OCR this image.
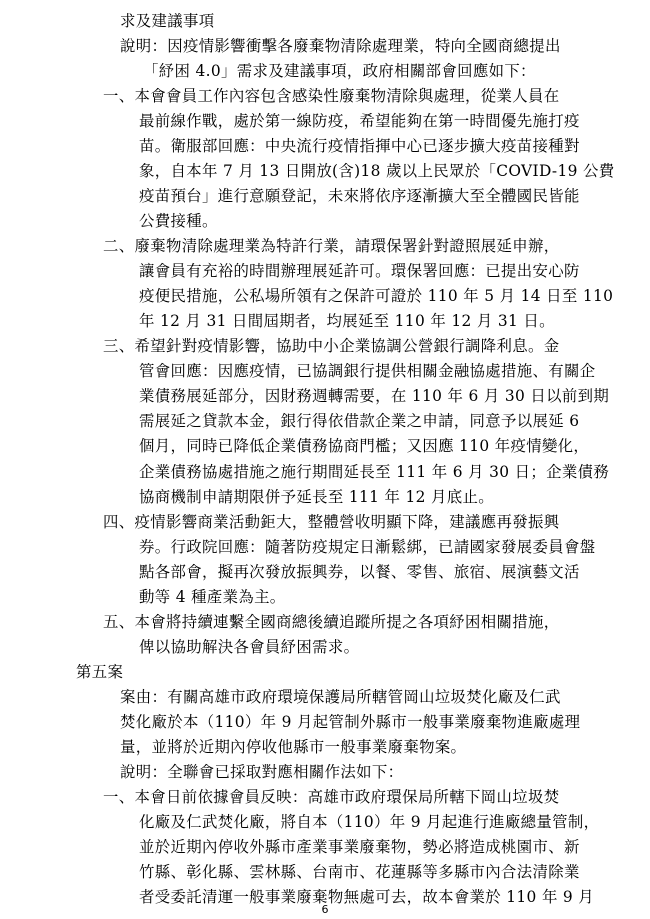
求及建議事項
說明：因疫情影響衝擊各廢棄物清除處理業，特向全國商總提出
「紓困 4.0」需求及建議事項，政府相關部會回應如下：
一、本會會員工作內容包含感染性廢棄物清除與處理，從業人員在
最前線作戰，處於第一線防疫，希望能夠在第一時間優先施打疫
苗。衛服部回應：中央流行疫情指揮中心已逐步擴大疫苗接種對
象，自本年 7 月 13 日開放(含)18 歲以上民眾於「COVID-19 公費
疫苗預台」進行意願登記，未來將依序逐漸擴大至全體國民皆能
公費接種。
二、廢棄物清除處理業為特許行業，請環保署針對證照展延申辦，
讓會員有充裕的時間辦理展延許可。環保署回應：已提出安心防
疫便民措施，公私場所領有之保許可證於 110 年 5 月 14 日至 110
年 12 月 31 日間屆期者，均展延至 110 年 12 月 31 日。
三、希望針對疫情影響，協助中小企業協調公營銀行調降利息。金
管會回應：因應疫情，已協調銀行提供相關金融協處措施、有關企
業債務展延部分，因財務週轉需要，在 110 年 6 月 30 日以前到期
需展延之貸款本金，銀行得依借款企業之申請，同意予以展延 6
個月，同時已降低企業債務協商門檻；又因應 110 年疫情變化，
企業債務協處措施之施行期間延長至 111 年 6 月 30 日；企業債務
協商機制申請期限併予延長至 111 年 12 月底止。
四、疫情影響商業活動鉅大，整體營收明顯下降，建議應再發振興
券。行政院回應：隨著防疫規定日漸鬆綁，已請國家發展委員會盤
點各部會，擬再次發放振興券，以餐、零售、旅宿、展演藝文活
動等 4 種產業為主。
五、本會將持續連繫全國商總後續追蹤所提之各項紓困相關措施，
俾以協助解決各會員紓困需求。
第五案
案由：有關高雄市政府環境保護局所轄管岡山垃圾焚化廠及仁武
焚化廠於本（110）年 9 月起管制外縣市一般事業廢棄物進廠處理
量，並將於近期內停收他縣市一般事業廢棄物案。
說明：全聯會已採取對應相關作法如下：
一、本會日前依據會員反映：高雄市政府環保局所轄下岡山垃圾焚
化廠及仁武焚化廠，將自本（110）年 9 月起進行進廠總量管制，
並於近期內停收外縣市產業事業廢棄物，勢必將造成桃園市、新
竹縣、彰化縣、雲林縣、台南市、花蓮縣等多縣市內合法清除業
者受委託清運一般事業廢棄物無處可去，故本會業於 110 年 9 月
6
